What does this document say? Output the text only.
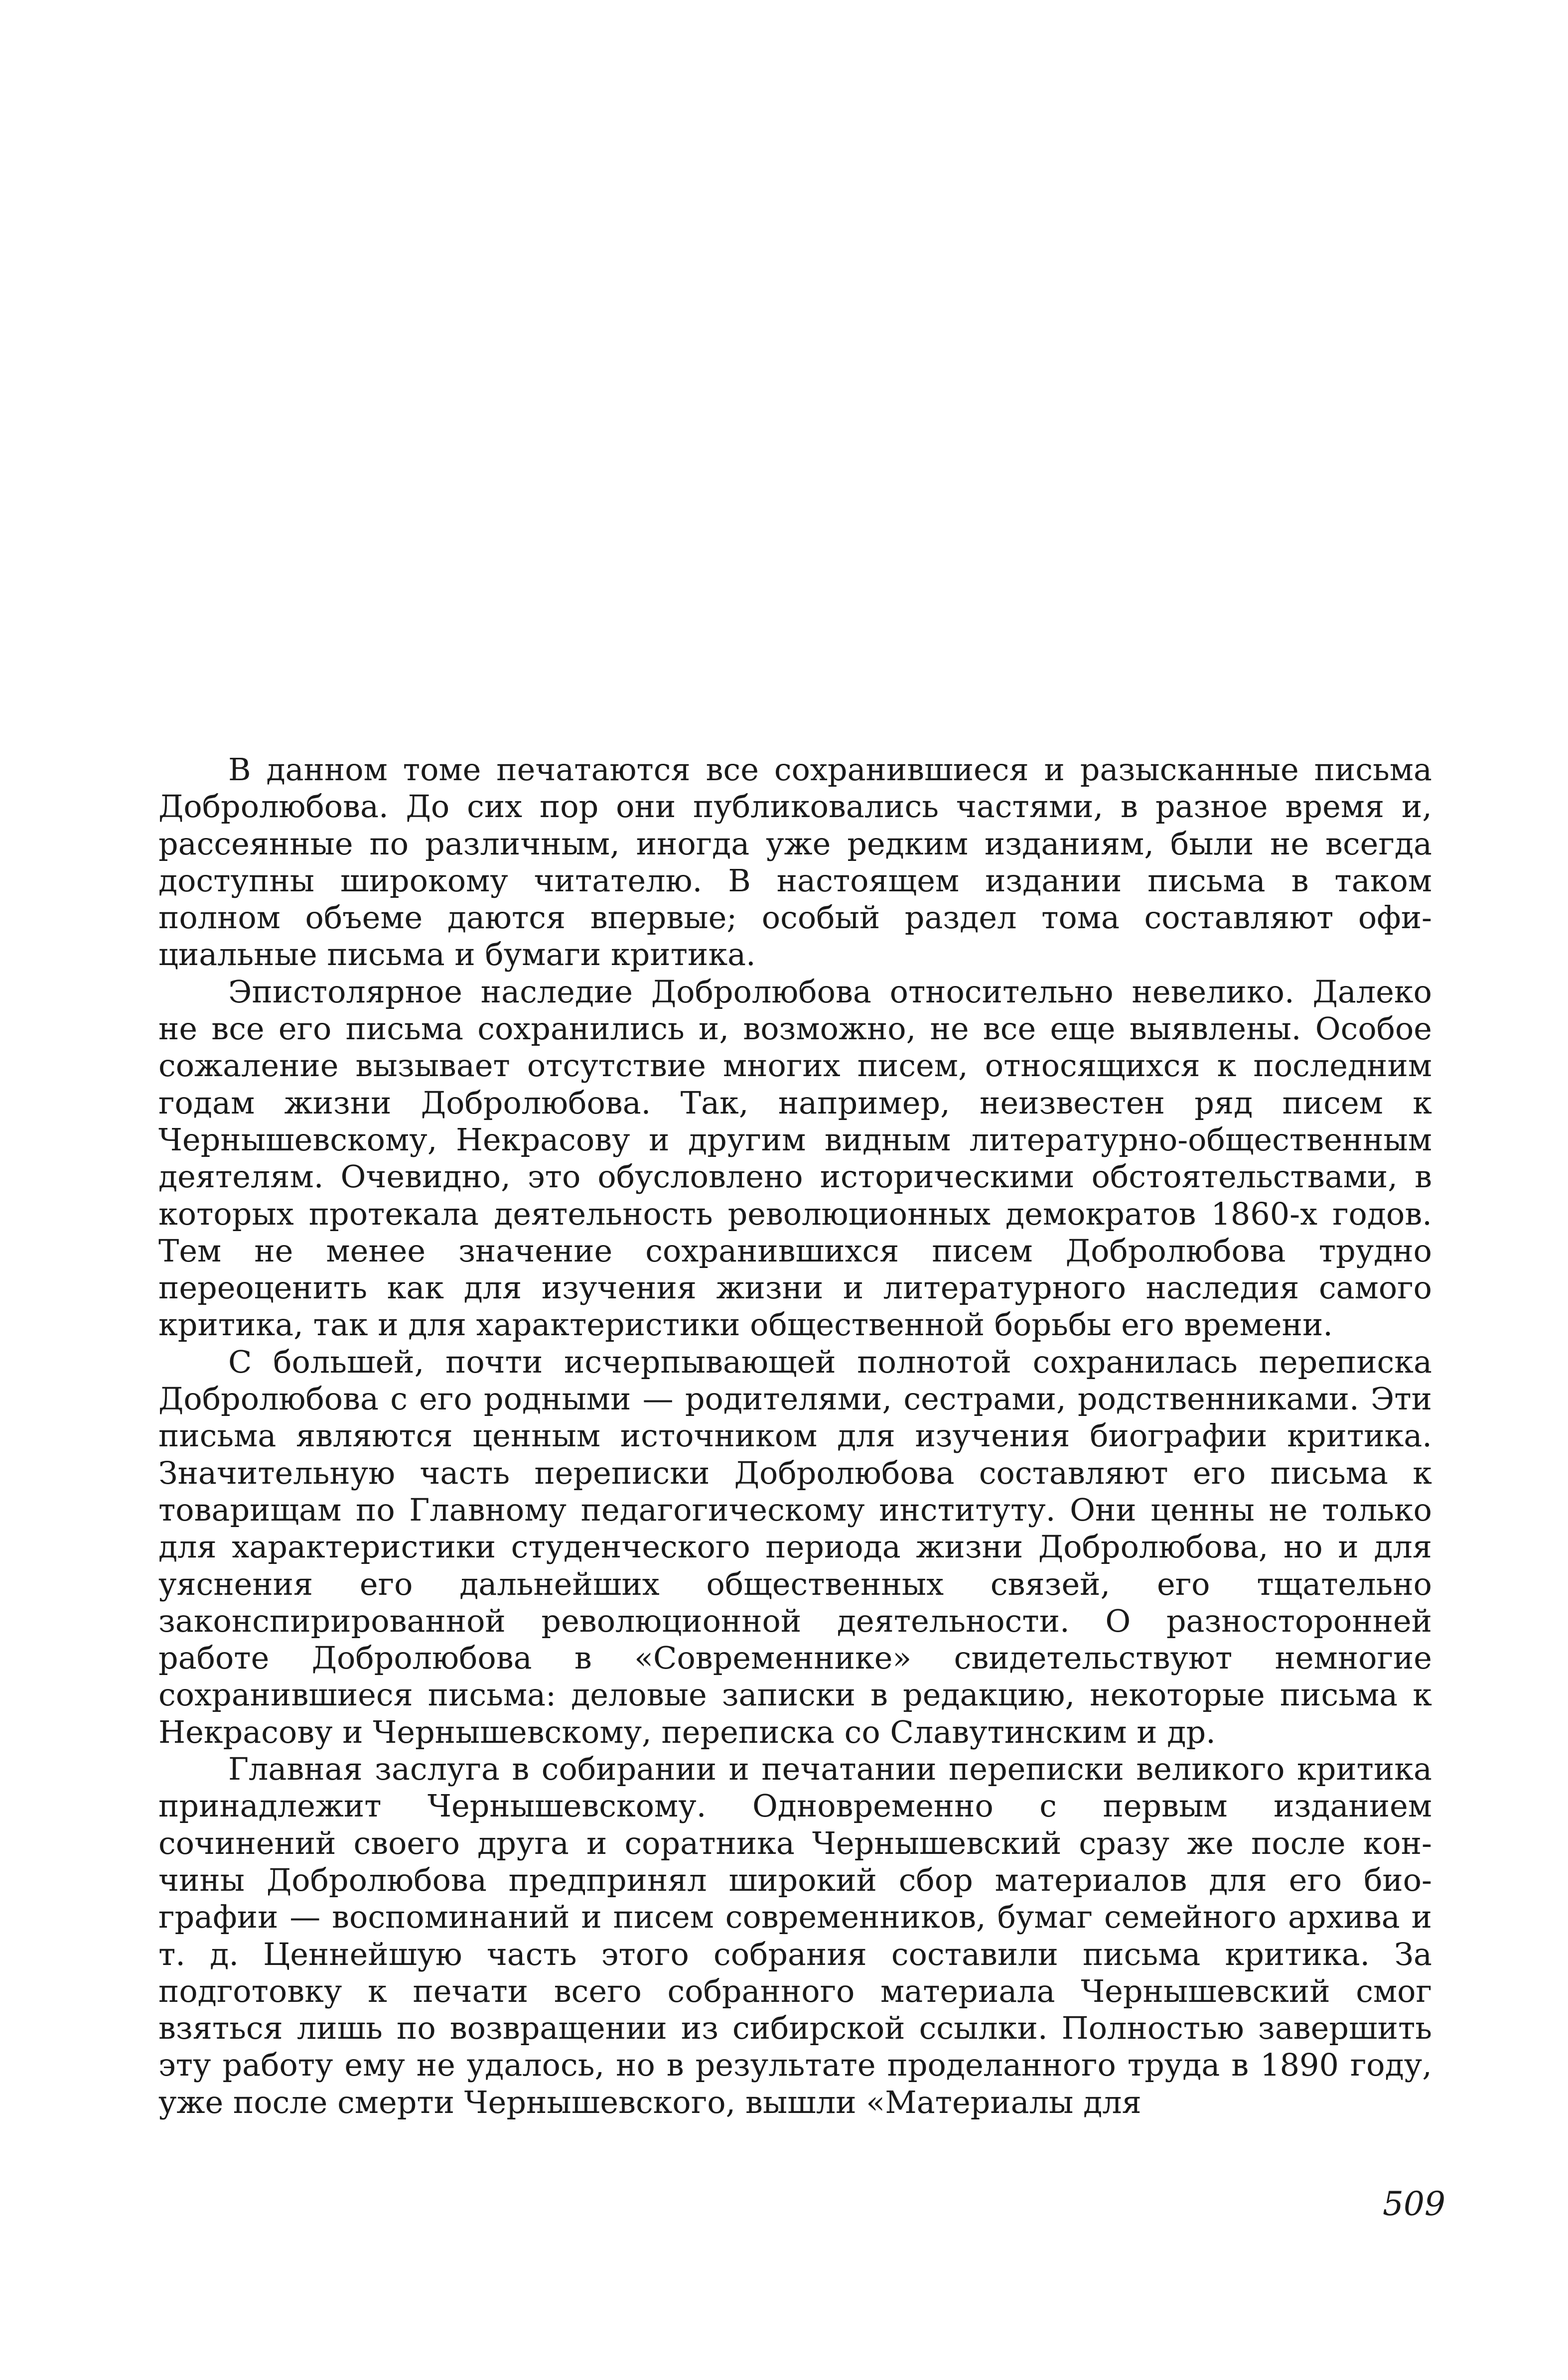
В данном томе печатаются все сохранившиеся и разысканные письма Добролюбова. До сих пор они публиковались частями, в разное время и, рассеянные по различным, иногда уже редким изданиям, были не всегда доступны широкому читателю. В настоящем издании письма в таком полном объеме даются впервые; особый раздел тома составляют официальные письма и бумаги критика.

Эпистолярное наследие Добролюбова относительно невелико. Далеко не все его письма сохранились и, возможно, не все еще выявлены. Особое сожаление вызывает отсутствие многих писем, относящихся к последним годам жизни Добролюбова. Так, например, неизвестен ряд писем к Чернышевскому, Некрасову и другим видным литературно-общественным деятелям. Очевидно, это обусловлено историческими обстоятельствами, в которых протекала деятельность революционных демократов 1860-х годов. Тем не менее значение сохранившихся писем Добролюбова трудно переоценить как для изучения жизни и литературного наследия самого критика, так и для характеристики общественной борьбы его времени.

С большей, почти исчерпывающей полнотой сохранилась переписка Добролюбова с его родными — родителями, сестрами, родственниками. Эти письма являются ценным источником для изучения биографии критика. Значительную часть переписки Добролюбова составляют его письма к товарищам по Главному педагогическому институту. Они ценны не только для характеристики студенческого периода жизни Добролюбова, но и для уяснения его дальнейших общественных связей, его тщательно законспирированной революционной деятельности. О разносторонней работе Добролюбова в «Современнике» свидетельствуют немногие сохранившиеся письма: деловые записки в редакцию, некоторые письма к Некрасову и Чернышевскому, переписка со Славутинским и др.

Главная заслуга в собирании и печатании переписки великого критика принадлежит Чернышевскому. Одновременно с первым изданием сочинений своего друга и соратника Чернышевский сразу же после кончины Добролюбова предпринял широкий сбор материалов для его биографии — воспоминаний и писем современников, бумаг семейного архива и т. д. Ценнейшую часть этого собрания составили письма критика. За подготовку к печати всего собранного материала Чернышевский смог взяться лишь по возвращении из сибирской ссылки. Полностью завершить эту работу ему не удалось, но в результате проделанного труда в 1890 году, уже после смерти Чернышевского, вышли «Материалы для

509
